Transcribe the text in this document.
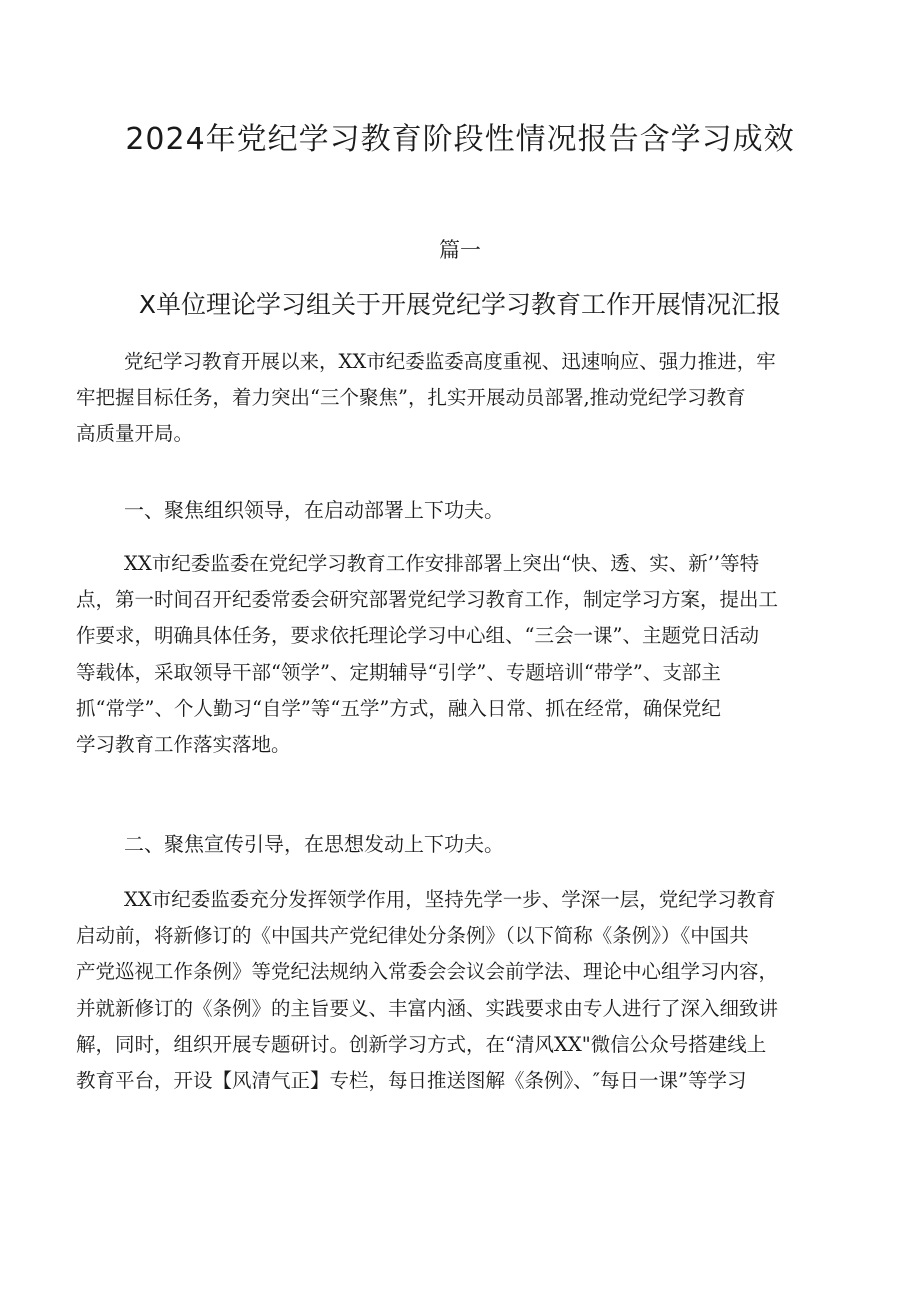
2024年党纪学习教育阶段性情况报告含学习成效
篇一
X单位理论学习组关于开展党纪学习教育工作开展情况汇报
党纪学习教育开展以来，XX市纪委监委高度重视、迅速响应、强力推进，牢
牢把握目标任务，着力突出“三个聚焦”，扎实开展动员部署,推动党纪学习教育
高质量开局。
一、聚焦组织领导，在启动部署上下功夫。
XX市纪委监委在党纪学习教育工作安排部署上突出“快、透、实、新’’等特
点，第一时间召开纪委常委会研究部署党纪学习教育工作，制定学习方案，提出工
作要求，明确具体任务，要求依托理论学习中心组、“三会一课”、主题党日活动
等载体，采取领导干部“领学”、定期辅导“引学”、专题培训“带学”、支部主
抓“常学”、个人勤习“自学”等“五学”方式，融入日常、抓在经常，确保党纪
学习教育工作落实落地。
二、聚焦宣传引导，在思想发动上下功夫。
XX市纪委监委充分发挥领学作用，坚持先学一步、学深一层，党纪学习教育
启动前，将新修订的《中国共产党纪律处分条例》（以下简称《条例》）《中国共
产党巡视工作条例》等党纪法规纳入常委会会议会前学法、理论中心组学习内容，
并就新修订的《条例》的主旨要义、丰富内涵、实践要求由专人进行了深入细致讲
解，同时，组织开展专题研讨。创新学习方式，在“清风XX"微信公众号搭建线上
教育平台，开设【风清气正】专栏，每日推送图解《条例》、″每日一课”等学习
